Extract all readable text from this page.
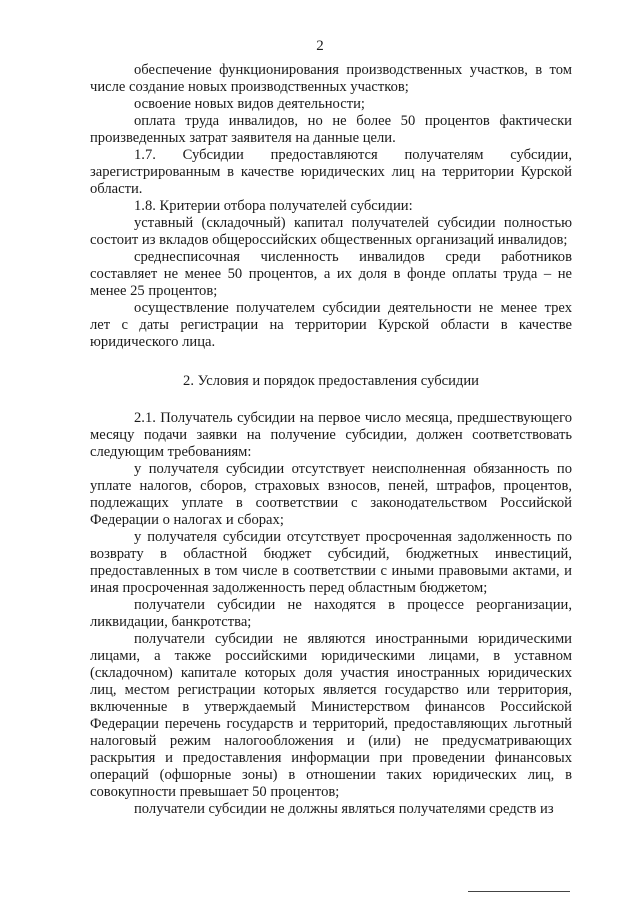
2

обеспечение функционирования производственных участков, в том числе создание новых производственных участков;

освоение новых видов деятельности;

оплата труда инвалидов, но не более 50 процентов фактически произведенных затрат заявителя на данные цели.

1.7. Субсидии предоставляются получателям субсидии, зарегистрированным в качестве юридических лиц на территории Курской области.

1.8. Критерии отбора получателей субсидии:

уставный (складочный) капитал получателей субсидии полностью состоит из вкладов общероссийских общественных организаций инвалидов;

среднесписочная численность инвалидов среди работников составляет не менее 50 процентов, а их доля в фонде оплаты труда – не менее 25 процентов;

осуществление получателем субсидии деятельности не менее трех лет с даты регистрации на территории Курской области в качестве юридического лица.

2. Условия и порядок предоставления субсидии

2.1. Получатель субсидии на первое число месяца, предшествующего месяцу подачи заявки на получение субсидии, должен соответствовать следующим требованиям:

у получателя субсидии отсутствует неисполненная обязанность по уплате налогов, сборов, страховых взносов, пеней, штрафов, процентов, подлежащих уплате в соответствии с законодательством Российской Федерации о налогах и сборах;

у получателя субсидии отсутствует просроченная задолженность по возврату в областной бюджет субсидий, бюджетных инвестиций, предоставленных в том числе в соответствии с иными правовыми актами, и иная просроченная задолженность перед областным бюджетом;

получатели субсидии не находятся в процессе реорганизации, ликвидации, банкротства;

получатели субсидии не являются иностранными юридическими лицами, а также российскими юридическими лицами, в уставном (складочном) капитале которых доля участия иностранных юридических лиц, местом регистрации которых является государство или территория, включенные в утверждаемый Министерством финансов Российской Федерации перечень государств и территорий, предоставляющих льготный налоговый режим налогообложения и (или) не предусматривающих раскрытия и предоставления информации при проведении финансовых операций (офшорные зоны) в отношении таких юридических лиц, в совокупности превышает 50 процентов;

получатели субсидии не должны являться получателями средств из
